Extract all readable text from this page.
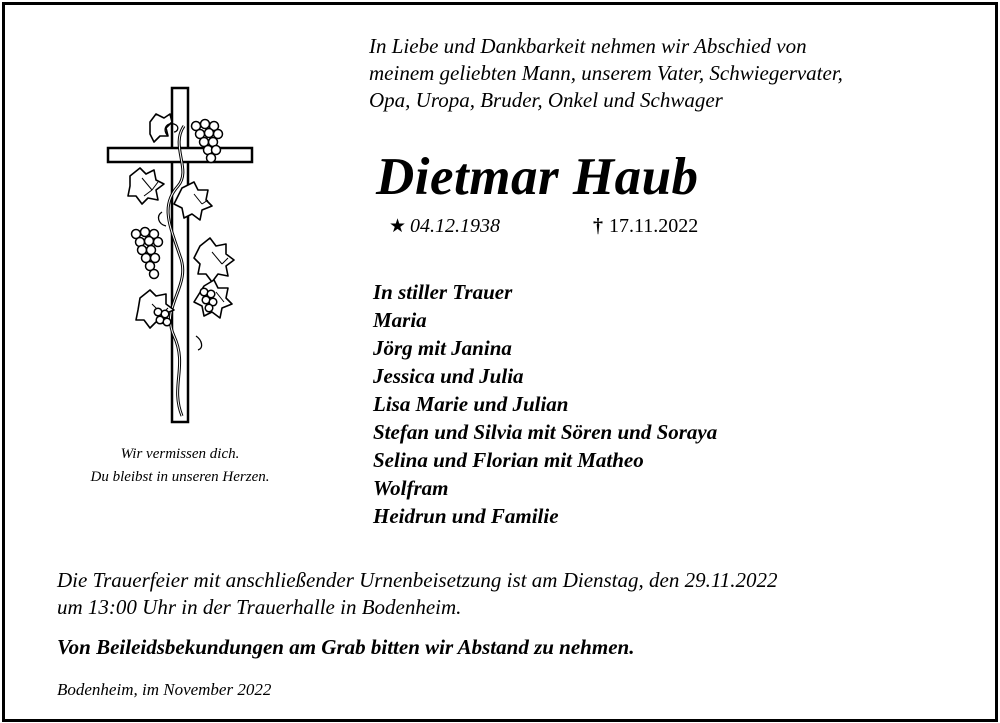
In Liebe und Dankbarkeit nehmen wir Abschied von
meinem geliebten Mann, unserem Vater, Schwiegervater,
Opa, Uropa, Bruder, Onkel und Schwager
Dietmar Haub
★ 04.12.1938	† 17.11.2022
In stiller Trauer
Maria
Jörg mit Janina
Jessica und Julia
Lisa Marie und Julian
Stefan und Silvia mit Sören und Soraya
Selina und Florian mit Matheo
Wolfram
Heidrun und Familie
Wir vermissen dich.
Du bleibst in unseren Herzen.
Die Trauerfeier mit anschließender Urnenbeisetzung ist am Dienstag, den 29.11.2022
um 13:00 Uhr in der Trauerhalle in Bodenheim.
Von Beileidsbekundungen am Grab bitten wir Abstand zu nehmen.
Bodenheim, im November 2022
